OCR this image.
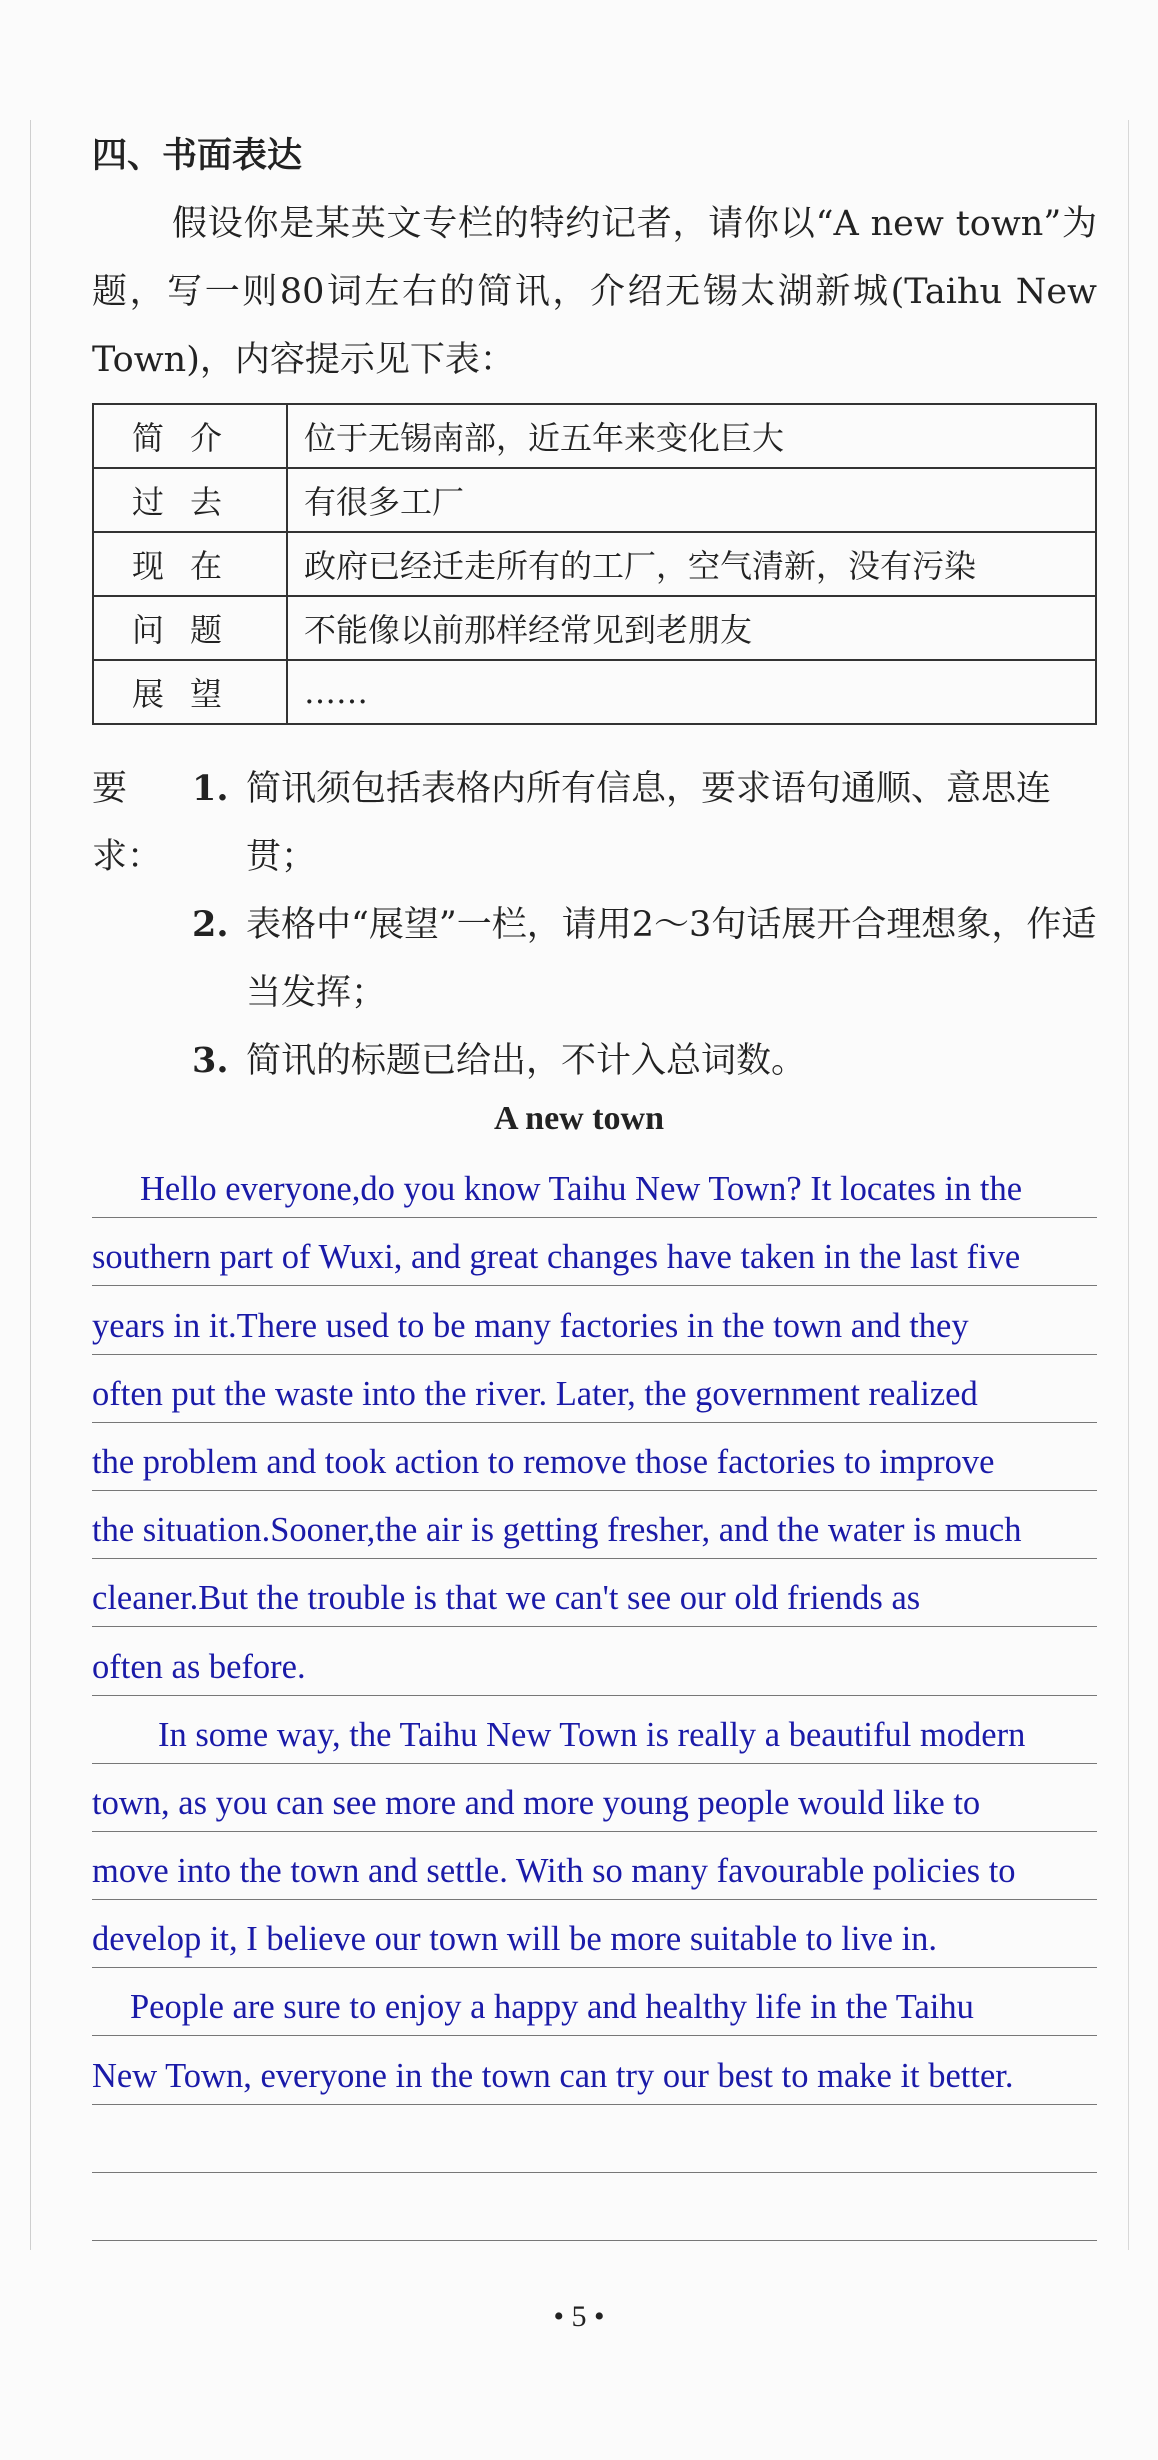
四、书面表达
假设你是某英文专栏的特约记者，请你以“A new town”为题，写一则80词左右的简讯，介绍无锡太湖新城(Taihu New Town)，内容提示见下表：
简介	位于无锡南部，近五年来变化巨大
过去	有很多工厂
现在	政府已经迁走所有的工厂，空气清新，没有污染
问题	不能像以前那样经常见到老朋友
展望	……
要求：
1. 简讯须包括表格内所有信息，要求语句通顺、意思连贯；
2. 表格中“展望”一栏，请用2～3句话展开合理想象，作适当发挥；
3. 简讯的标题已给出，不计入总词数。
A new town
Hello everyone,do you know Taihu New Town? It locates in the
southern part of Wuxi, and great changes have taken in the last five
years in it.There used to be many factories in the town and they
often put the waste into the river. Later, the government realized
the problem and took action to remove those factories to improve
the situation.Sooner,the air is getting fresher, and the water is much
cleaner.But the trouble is that we can't see our old friends as
often as before.
In some way, the Taihu New Town is really a beautiful modern
town, as you can see more and more young people would like to
move into the town and settle. With so many favourable policies to
develop it, I believe our town will be more suitable to live in.
People are sure to enjoy a happy and healthy life in the Taihu
New Town, everyone in the town can try our best to make it better.
• 5 •
